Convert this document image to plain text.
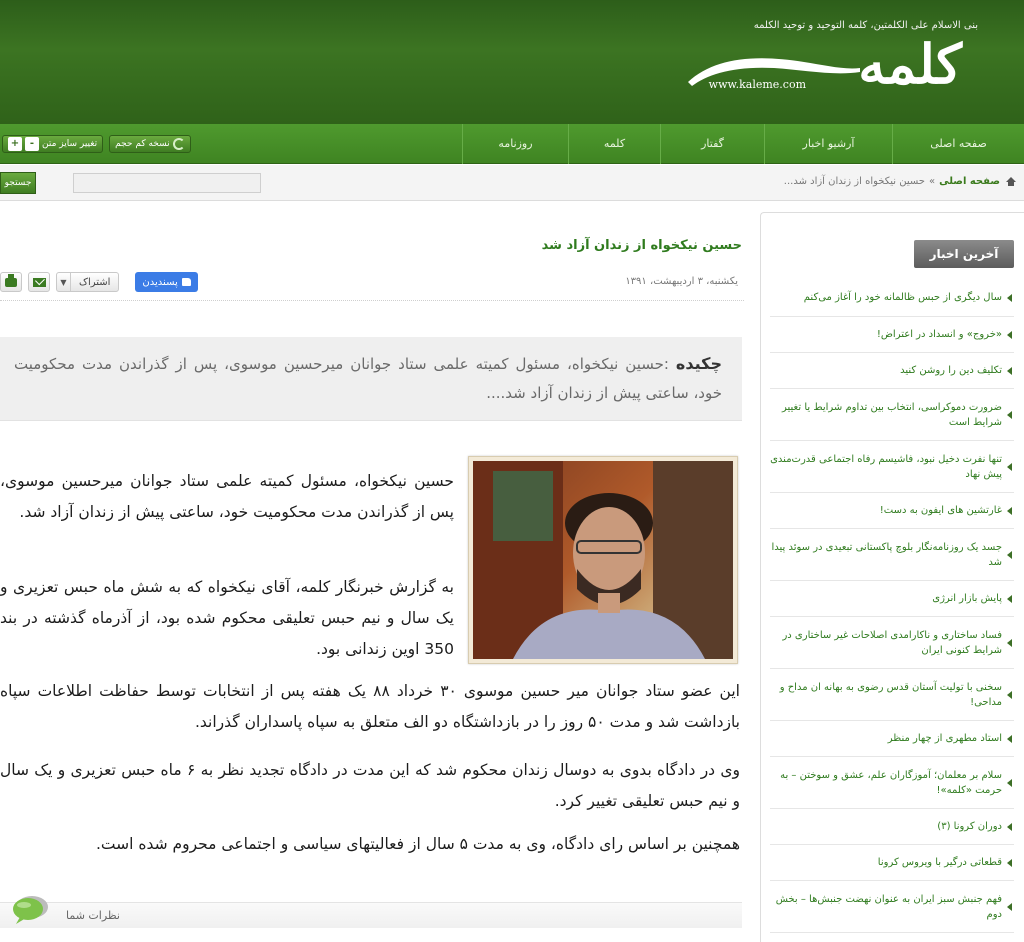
بنی الاسلام علی الکلمتین، کلمه التوحید و توحید الکلمه
کلمه
www.kaleme.com
صفحه اصلی
آرشیو اخبار
گفتار
کلمه
روزنامه
تغییر سایز متن
-
+	نسخه کم حجم
صفحه اصلی
»
حسین نیکخواه از زندان آزاد شد...
جستجو
حسین نیکخواه از زندان آزاد شد
یکشنبه، ۳ اردیبهشت، ۱۳۹۱
▼	اشتراک	پسندیدن
چکیده :حسین نیکخواه، مسئول کمیته علمی ستاد جوانان میرحسین موسوی، پس از گذراندن مدت محکومیت خود، ساعتی پیش از زندان آزاد شد....
حسین نیکخواه، مسئول کمیته علمی ستاد جوانان میرحسین موسوی، پس از گذراندن مدت محکومیت خود، ساعتی پیش از زندان آزاد شد.
به گزارش خبرنگار کلمه، آقای نیکخواه که به شش ماه حبس تعزیری و یک سال و نیم حبس تعلیقی محکوم شده بود، از آذرماه گذشته در بند 350 اوین زندانی بود.
این عضو ستاد جوانان میر حسین موسوی ۳۰ خرداد ۸۸ یک هفته پس از انتخابات توسط حفاظت اطلاعات سپاه بازداشت شد و مدت ۵۰ روز را در بازداشتگاه دو الف متعلق به سپاه پاسداران گذراند.
وی در دادگاه بدوی به دوسال زندان محکوم شد که این مدت در دادگاه تجدید نظر به ۶ ماه حبس تعزیری و یک سال و نیم حبس تعلیقی تغییر کرد.
همچنین بر اساس رای دادگاه، وی به مدت ۵ سال از فعالیتهای سیاسی و اجتماعی محروم شده است.
نظرات شما
آخرین اخبار
سال دیگری از حبس ظالمانه خود را آغاز می‌کنم
«خروج» و انسداد در اعتراض!
تکلیف دین را روشن کنید
ضرورت دموکراسی، انتخاب بین تداوم شرایط یا تغییر شرایط است
تنها نفرت دخیل نبود، فاشیسم رفاه اجتماعی قدرت‌مندی پیش نهاد
غارتشین های ایفون به دست!
جسد یک روزنامه‌نگار بلوچ پاکستانی تبعیدی در سوئد پیدا شد
پایش بازار انرژی
فساد ساختاری و ناکارامدی اصلاحات غیر ساختاری در شرایط کنونی ایران
سخنی با تولیت آستان قدس رضوی به بهانه ان مداح و مداحی!
استاد مطهری از چهار منظر
سلام بر معلمان؛ آموزگاران علم، عشق و سوختن – به حرمت «کلمه»!
دوران کرونا (۳)
قطعاتی درگیر با ویروس کرونا
فهم جنبش سبز ایران به عنوان نهضت جنبش‌ها – بخش دوم
